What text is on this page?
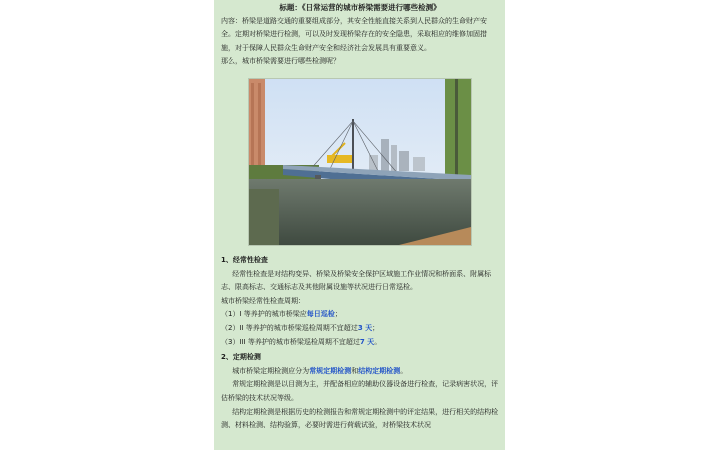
标题：《日常运营的城市桥梁需要进行哪些检测》

内容：桥梁是道路交通的重要组成部分，其安全性能直接关系到人民群众的生命财产安全。定期对桥梁进行检测，可以及时发现桥梁存在的安全隐患，采取相应的维修加固措施，对于保障人民群众生命财产安全和经济社会发展具有重要意义。

那么，城市桥梁需要进行哪些检测呢？

1、经常性检查

经常性检查是对结构变异、桥梁及桥梁安全保护区域施工作业情况和桥面系、附属标志、限高标志、交通标志及其他附属设施等状况进行日常巡检。

城市桥梁经常性检查周期：

（1）I 等养护的城市桥梁应每日巡检；

（2）II 等养护的城市桥梁巡检周期不宜超过3 天；

（3）III 等养护的城市桥梁巡检周期不宜超过7 天。

2、定期检测

城市桥梁定期检测应分为常规定期检测和结构定期检测。

常规定期检测是以目测为主，并配备相应的辅助仪器设备进行检查，记录病害状况，评估桥梁的技术状况等级。

结构定期检测是根据历史的检测报告和常规定期检测中的评定结果，进行相关的结构检测、材料检测、结构验算，必要时需进行荷载试验，对桥梁技术状况
